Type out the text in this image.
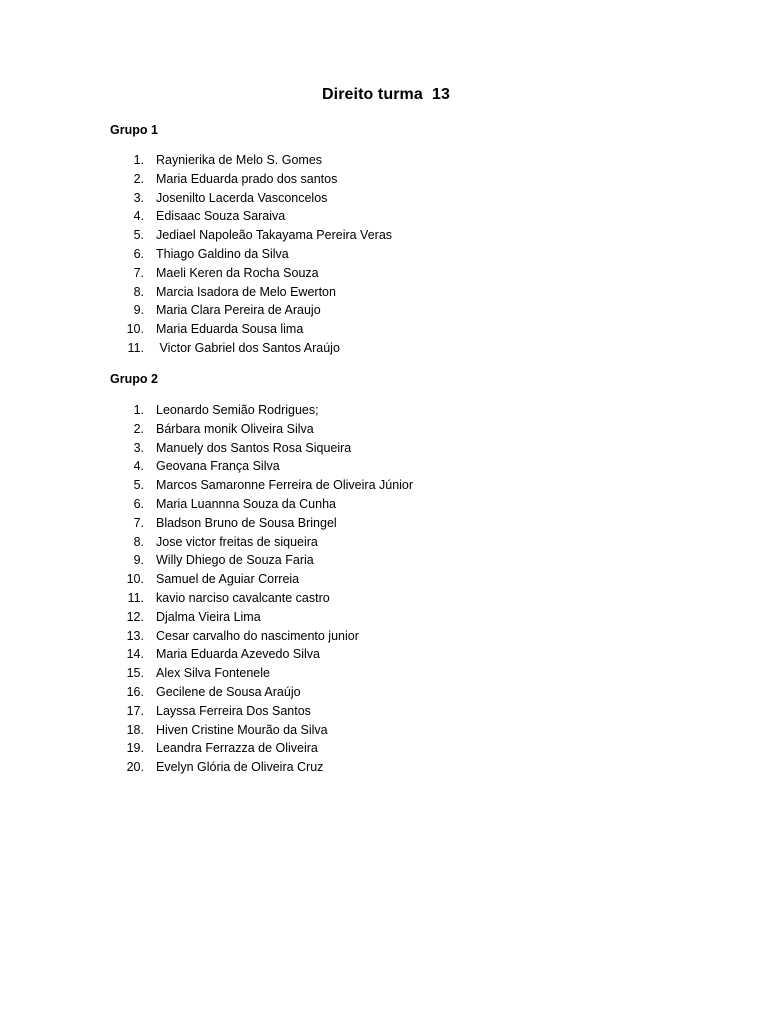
Direito turma  13
Grupo 1
1. Raynierika de Melo S. Gomes
2. Maria Eduarda prado dos santos
3. Josenilto Lacerda Vasconcelos
4. Edisaac Souza Saraiva
5. Jediael Napoleão Takayama Pereira Veras
6. Thiago Galdino da Silva
7. Maeli Keren da Rocha Souza
8. Marcia Isadora de Melo Ewerton
9. Maria Clara Pereira de Araujo
10. Maria Eduarda Sousa lima
11. Victor Gabriel dos Santos Araújo
Grupo 2
1. Leonardo Semião Rodrigues;
2. Bárbara monik Oliveira Silva
3. Manuely dos Santos Rosa Siqueira
4. Geovana França Silva
5. Marcos Samaronne Ferreira de Oliveira Júnior
6. Maria Luannna Souza da Cunha
7. Bladson Bruno de Sousa Bringel
8. Jose victor freitas de siqueira
9. Willy Dhiego de Souza Faria
10. Samuel de Aguiar Correia
11. kavio narciso cavalcante castro
12. Djalma Vieira Lima
13. Cesar carvalho do nascimento junior
14. Maria Eduarda Azevedo Silva
15. Alex Silva Fontenele
16. Gecilene de Sousa Araújo
17. Layssa Ferreira Dos Santos
18. Hiven Cristine Mourão da Silva
19. Leandra Ferrazza de Oliveira
20. Evelyn Glória de Oliveira Cruz
